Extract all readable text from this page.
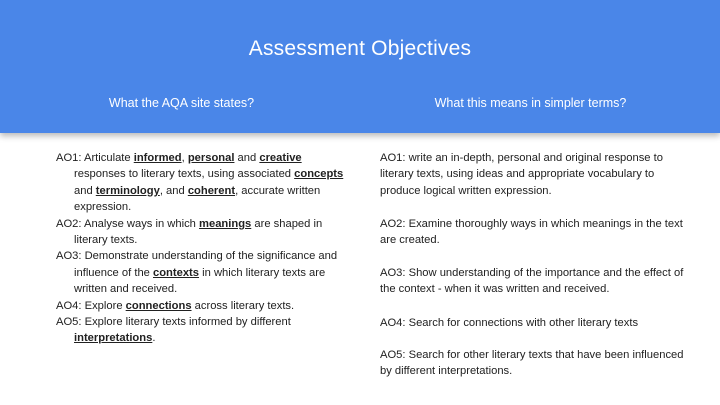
Assessment Objectives
What the AQA site states?	What this means in simpler terms?
AO1: Articulate informed, personal and creative responses to literary texts, using associated concepts and terminology, and coherent, accurate written expression.
AO2: Analyse ways in which meanings are shaped in literary texts.
AO3: Demonstrate understanding of the significance and influence of the contexts in which literary texts are written and received.
AO4: Explore connections across literary texts.
AO5: Explore literary texts informed by different interpretations.
AO1: write an in-depth, personal and original response to literary texts, using ideas and appropriate vocabulary to produce logical written expression.
AO2: Examine thoroughly ways in which meanings in the text are created.
AO3: Show understanding of the importance and the effect of the context - when it was written and received.
AO4: Search for connections with other literary texts
AO5: Search for other literary texts that have been influenced by different interpretations.
